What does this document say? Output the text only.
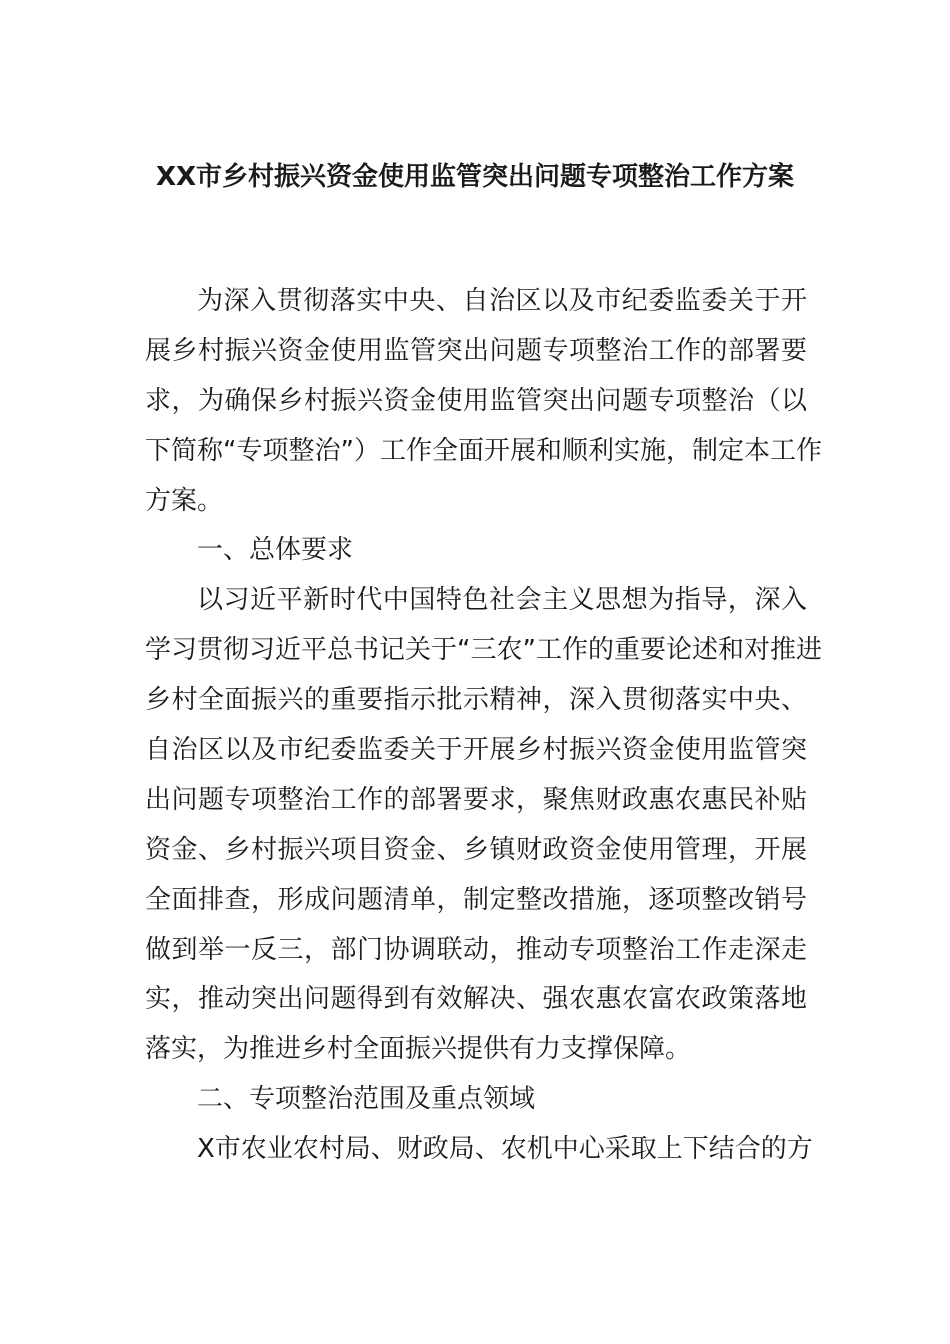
XX市乡村振兴资金使用监管突出问题专项整治工作方案
为深入贯彻落实中央、自治区以及市纪委监委关于开
展乡村振兴资金使用监管突出问题专项整治工作的部署要
求，为确保乡村振兴资金使用监管突出问题专项整治（以
下简称“专项整治”）工作全面开展和顺利实施，制定本工作
方案。
一、总体要求
以习近平新时代中国特色社会主义思想为指导，深入
学习贯彻习近平总书记关于“三农”工作的重要论述和对推进
乡村全面振兴的重要指示批示精神，深入贯彻落实中央、
自治区以及市纪委监委关于开展乡村振兴资金使用监管突
出问题专项整治工作的部署要求，聚焦财政惠农惠民补贴
资金、乡村振兴项目资金、乡镇财政资金使用管理，开展
全面排查，形成问题清单，制定整改措施，逐项整改销号
做到举一反三，部门协调联动，推动专项整治工作走深走
实，推动突出问题得到有效解决、强农惠农富农政策落地
落实，为推进乡村全面振兴提供有力支撑保障。
二、专项整治范围及重点领域
X市农业农村局、财政局、农机中心采取上下结合的方
